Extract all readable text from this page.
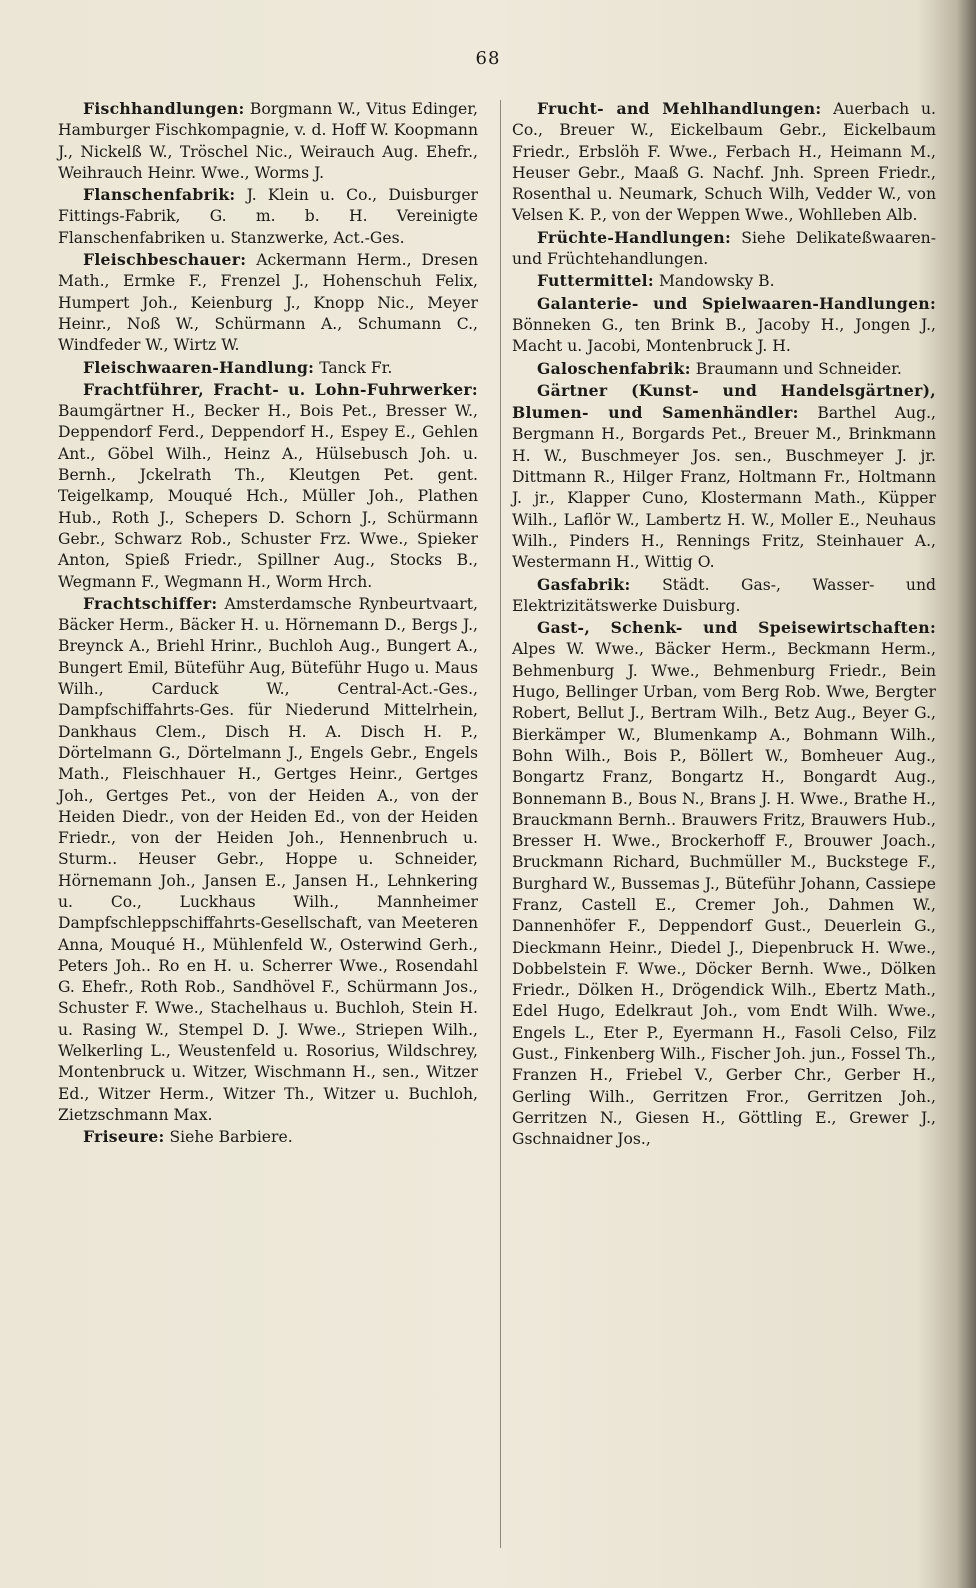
68

Fischhandlungen: Borgmann W., Vitus Edinger, Hamburger Fischkompagnie, v. d. Hoff W. Koopmann J., Nickelß W., Tröschel Nic., Weirauch Aug. Ehefr., Weihrauch Heinr. Wwe., Worms J.

Flanschenfabrik: J. Klein u. Co., Duisburger Fittings-Fabrik, G. m. b. H. Vereinigte Flanschenfabriken u. Stanzwerke, Act.-Ges.

Fleischbeschauer: Ackermann Herm., Dresen Math., Ermke F., Frenzel J., Hohenschuh Felix, Humpert Joh., Keienburg J., Knopp Nic., Meyer Heinr., Noß W., Schürmann A., Schumann C., Windfeder W., Wirtz W.

Fleischwaaren-Handlung: Tanck Fr.

Frachtführer, Fracht- u. Lohn-Fuhrwerker: Baumgärtner H., Becker H., Bois Pet., Bresser W., Deppendorf Ferd., Deppendorf H., Espey E., Gehlen Ant., Göbel Wilh., Heinz A., Hülsebusch Joh. u. Bernh., Jckelrath Th., Kleutgen Pet. gent. Teigelkamp, Mouqué Hch., Müller Joh., Plathen Hub., Roth J., Schepers D. Schorn J., Schürmann Gebr., Schwarz Rob., Schuster Frz. Wwe., Spieker Anton, Spieß Friedr., Spillner Aug., Stocks B., Wegmann F., Wegmann H., Worm Hrch.

Frachtschiffer: Amsterdamsche Rynbeurtvaart, Bäcker Herm., Bäcker H. u. Hörnemann D., Bergs J., Breynck A., Briehl Hrinr., Buchloh Aug., Bungert A., Bungert Emil, Büteführ Aug, Büteführ Hugo u. Maus Wilh., Carduck W., Central-Act.-Ges., Dampfschiffahrts-Ges. für Niederund Mittelrhein, Dankhaus Clem., Disch H. A. Disch H. P., Dörtelmann G., Dörtelmann J., Engels Gebr., Engels Math., Fleischhauer H., Gertges Heinr., Gertges Joh., Gertges Pet., von der Heiden A., von der Heiden Diedr., von der Heiden Ed., von der Heiden Friedr., von der Heiden Joh., Hennenbruch u. Sturm.. Heuser Gebr., Hoppe u. Schneider, Hörnemann Joh., Jansen E., Jansen H., Lehnkering u. Co., Luckhaus Wilh., Mannheimer Dampfschleppschiffahrts-Gesellschaft, van Meeteren Anna, Mouqué H., Mühlenfeld W., Osterwind Gerh., Peters Joh.. Ro en H. u. Scherrer Wwe., Rosendahl G. Ehefr., Roth Rob., Sandhövel F., Schürmann Jos., Schuster F. Wwe., Stachelhaus u. Buchloh, Stein H. u. Rasing W., Stempel D. J. Wwe., Striepen Wilh., Welkerling L., Weustenfeld u. Rosorius, Wildschrey, Montenbruck u. Witzer, Wischmann H., sen., Witzer Ed., Witzer Herm., Witzer Th., Witzer u. Buchloh, Zietzschmann Max.

Friseure: Siehe Barbiere.

Frucht- and Mehlhandlungen: Auerbach u. Co., Breuer W., Eickelbaum Gebr., Eickelbaum Friedr., Erbslöh F. Wwe., Ferbach H., Heimann M., Heuser Gebr., Maaß G. Nachf. Jnh. Spreen Friedr., Rosenthal u. Neumark, Schuch Wilh, Vedder W., von Velsen K. P., von der Weppen Wwe., Wohlleben Alb.

Früchte-Handlungen: Siehe Delikateßwaaren- und Früchtehandlungen.

Futtermittel: Mandowsky B.

Galanterie- und Spielwaaren-Handlungen: Bönneken G., ten Brink B., Jacoby H., Jongen J., Macht u. Jacobi, Montenbruck J. H.

Galoschenfabrik: Braumann und Schneider.

Gärtner (Kunst- und Handelsgärtner), Blumen- und Samenhändler: Barthel Aug., Bergmann H., Borgards Pet., Breuer M., Brinkmann H. W., Buschmeyer Jos. sen., Buschmeyer J. jr. Dittmann R., Hilger Franz, Holtmann Fr., Holtmann J. jr., Klapper Cuno, Klostermann Math., Küpper Wilh., Laflör W., Lambertz H. W., Moller E., Neuhaus Wilh., Pinders H., Rennings Fritz, Steinhauer A., Westermann H., Wittig O.

Gasfabrik: Städt. Gas-, Wasser- und Elektrizitätswerke Duisburg.

Gast-, Schenk- und Speisewirtschaften: Alpes W. Wwe., Bäcker Herm., Beckmann Herm., Behmenburg J. Wwe., Behmenburg Friedr., Bein Hugo, Bellinger Urban, vom Berg Rob. Wwe, Bergter Robert, Bellut J., Bertram Wilh., Betz Aug., Beyer G., Bierkämper W., Blumenkamp A., Bohmann Wilh., Bohn Wilh., Bois P., Böllert W., Bomheuer Aug., Bongartz Franz, Bongartz H., Bongardt Aug., Bonnemann B., Bous N., Brans J. H. Wwe., Brathe H., Brauckmann Bernh.. Brauwers Fritz, Brauwers Hub., Bresser H. Wwe., Brockerhoff F., Brouwer Joach., Bruckmann Richard, Buchmüller M., Buckstege F., Burghard W., Bussemas J., Büteführ Johann, Cassiepe Franz, Castell E., Cremer Joh., Dahmen W., Dannenhöfer F., Deppendorf Gust., Deuerlein G., Dieckmann Heinr., Diedel J., Diepenbruck H. Wwe., Dobbelstein F. Wwe., Döcker Bernh. Wwe., Dölken Friedr., Dölken H., Drögendick Wilh., Ebertz Math., Edel Hugo, Edelkraut Joh., vom Endt Wilh. Wwe., Engels L., Eter P., Eyermann H., Fasoli Celso, Filz Gust., Finkenberg Wilh., Fischer Joh. jun., Fossel Th., Franzen H., Friebel V., Gerber Chr., Gerber H., Gerling Wilh., Gerritzen Fror., Gerritzen Joh., Gerritzen N., Giesen H., Göttling E., Grewer J., Gschnaidner Jos.,
